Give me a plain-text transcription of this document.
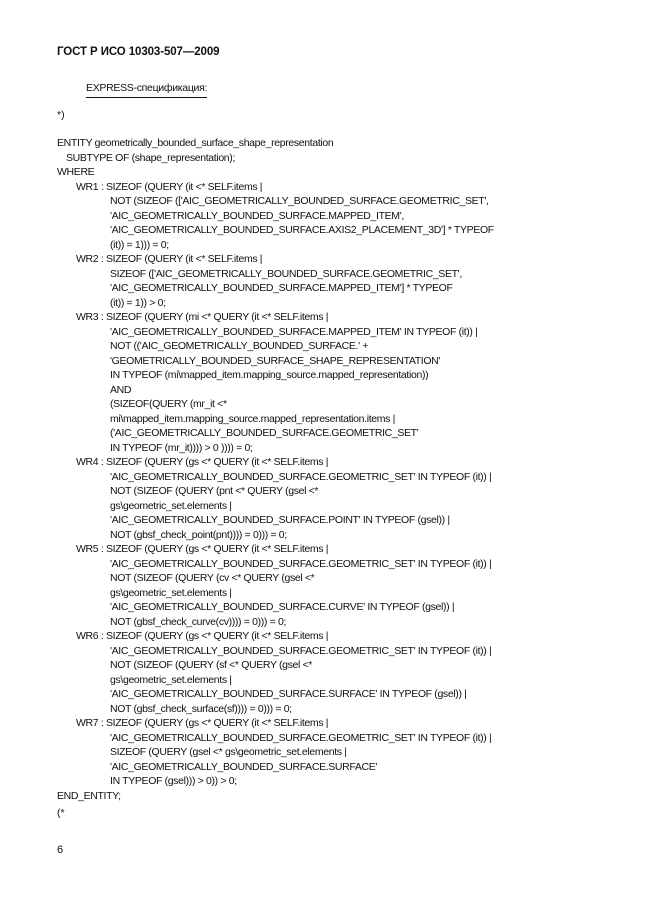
ГОСТ Р ИСО 10303-507—2009
EXPRESS-спецификация:
*)
ENTITY geometrically_bounded_surface_shape_representation
SUBTYPE OF (shape_representation);
WHERE
WR1 : SIZEOF (QUERY (it <* SELF.items |
NOT (SIZEOF (['AIC_GEOMETRICALLY_BOUNDED_SURFACE.GEOMETRIC_SET',
'AIC_GEOMETRICALLY_BOUNDED_SURFACE.MAPPED_ITEM',
'AIC_GEOMETRICALLY_BOUNDED_SURFACE.AXIS2_PLACEMENT_3D'] * TYPEOF
(it)) = 1))) = 0;
WR2 : SIZEOF (QUERY (it <* SELF.items |
SIZEOF (['AIC_GEOMETRICALLY_BOUNDED_SURFACE.GEOMETRIC_SET',
'AIC_GEOMETRICALLY_BOUNDED_SURFACE.MAPPED_ITEM'] * TYPEOF
(it)) = 1)) > 0;
WR3 : SIZEOF (QUERY (mi <* QUERY (it <* SELF.items |
'AIC_GEOMETRICALLY_BOUNDED_SURFACE.MAPPED_ITEM' IN TYPEOF (it)) |
NOT (('AIC_GEOMETRICALLY_BOUNDED_SURFACE.' +
'GEOMETRICALLY_BOUNDED_SURFACE_SHAPE_REPRESENTATION'
IN TYPEOF (mi\mapped_item.mapping_source.mapped_representation))
AND
(SIZEOF(QUERY (mr_it <*
mi\mapped_item.mapping_source.mapped_representation.items |
('AIC_GEOMETRICALLY_BOUNDED_SURFACE.GEOMETRIC_SET'
IN TYPEOF (mr_it)))) > 0 )))) = 0;
WR4 : SIZEOF (QUERY (gs <* QUERY (it <* SELF.items |
'AIC_GEOMETRICALLY_BOUNDED_SURFACE.GEOMETRIC_SET' IN TYPEOF (it)) |
NOT (SIZEOF (QUERY (pnt <* QUERY (gsel <*
gs\geometric_set.elements |
'AIC_GEOMETRICALLY_BOUNDED_SURFACE.POINT' IN TYPEOF (gsel)) |
NOT (gbsf_check_point(pnt)))) = 0))) = 0;
WR5 : SIZEOF (QUERY (gs <* QUERY (it <* SELF.items |
'AIC_GEOMETRICALLY_BOUNDED_SURFACE.GEOMETRIC_SET' IN TYPEOF (it)) |
NOT (SIZEOF (QUERY (cv <* QUERY (gsel <*
gs\geometric_set.elements |
'AIC_GEOMETRICALLY_BOUNDED_SURFACE.CURVE' IN TYPEOF (gsel)) |
NOT (gbsf_check_curve(cv)))) = 0))) = 0;
WR6 : SIZEOF (QUERY (gs <* QUERY (it <* SELF.items |
'AIC_GEOMETRICALLY_BOUNDED_SURFACE.GEOMETRIC_SET' IN TYPEOF (it)) |
NOT (SIZEOF (QUERY (sf <* QUERY (gsel <*
gs\geometric_set.elements |
'AIC_GEOMETRICALLY_BOUNDED_SURFACE.SURFACE' IN TYPEOF (gsel)) |
NOT (gbsf_check_surface(sf)))) = 0))) = 0;
WR7 : SIZEOF (QUERY (gs <* QUERY (it <* SELF.items |
'AIC_GEOMETRICALLY_BOUNDED_SURFACE.GEOMETRIC_SET' IN TYPEOF (it)) |
SIZEOF (QUERY (gsel <* gs\geometric_set.elements |
'AIC_GEOMETRICALLY_BOUNDED_SURFACE.SURFACE'
IN TYPEOF (gsel))) > 0)) > 0;
END_ENTITY;
(*
6
